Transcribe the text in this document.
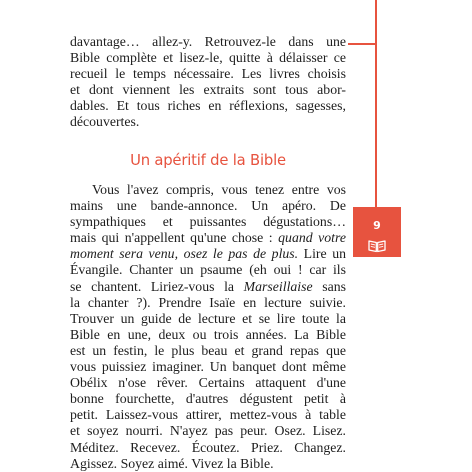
davantage… allez-y. Retrouvez-le dans une
Bible complète et lisez-le, quitte à délaisser ce
recueil le temps nécessaire. Les livres choisis
et dont viennent les extraits sont tous abor-
dables. Et tous riches en réflexions, sagesses,
découvertes.

Un apéritif de la Bible
9

Vous l'avez compris, vous tenez entre vos
mains une bande-annonce. Un apéro. De
sympathiques et puissantes dégustations…
mais qui n'appellent qu'une chose : quand votre
moment sera venu, osez le pas de plus. Lire un
Évangile. Chanter un psaume (eh oui ! car ils
se chantent. Liriez-vous la Marseillaise sans
la chanter ?). Prendre Isaïe en lecture suivie.
Trouver un guide de lecture et se lire toute la
Bible en une, deux ou trois années. La Bible
est un festin, le plus beau et grand repas que
vous puissiez imaginer. Un banquet dont même
Obélix n'ose rêver. Certains attaquent d'une
bonne fourchette, d'autres dégustent petit à
petit. Laissez-vous attirer, mettez-vous à table
et soyez nourri. N'ayez pas peur. Osez. Lisez.
Méditez. Recevez. Écoutez. Priez. Changez.
Agissez. Soyez aimé. Vivez la Bible.
